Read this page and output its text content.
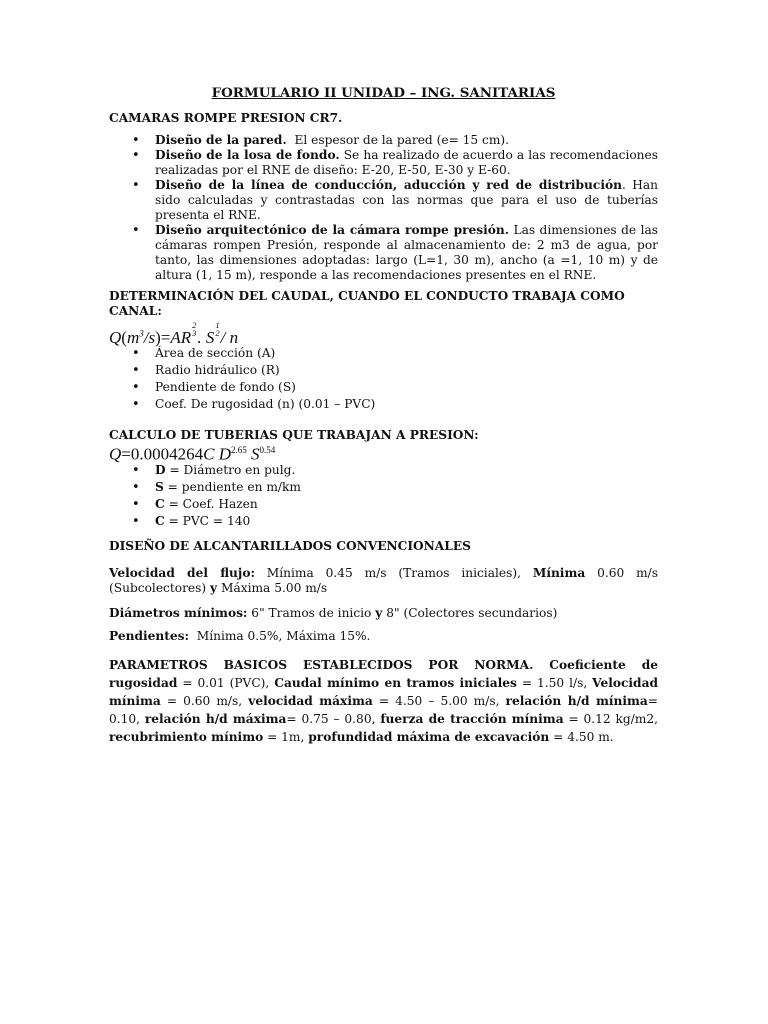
FORMULARIO II UNIDAD – ING. SANITARIAS

CAMARAS ROMPE PRESION CR7.

• Diseño de la pared.  El espesor de la pared (e= 15 cm).
• Diseño de la losa de fondo. Se ha realizado de acuerdo a las recomendaciones realizadas por el RNE de diseño: E-20, E-50, E-30 y E-60.
• Diseño de la línea de conducción, aducción y red de distribución. Han sido calculadas y contrastadas con las normas que para el uso de tuberías presenta el RNE.
• Diseño arquitectónico de la cámara rompe presión. Las dimensiones de las cámaras rompen Presión, responde al almacenamiento de: 2 m3 de agua, por tanto, las dimensiones adoptadas: largo (L=1, 30 m), ancho (a =1, 10 m) y de altura (1, 15 m), responde a las recomendaciones presentes en el RNE.

DETERMINACIÓN DEL CAUDAL, CUANDO EL CONDUCTO TRABAJA COMO CANAL:

$Q(m^3/s)=AR$
2
3 . S
1
2 / n
• Área de sección (A)
• Radio hidráulico (R)
• Pendiente de fondo (S)
• Coef. De rugosidad (n) (0.01 – PVC)

CALCULO DE TUBERIAS QUE TRABAJAN A PRESION:

Q=0.0004264C $D^{2.65}$ $S^{0.54}$
• D = Diámetro en pulg.
• S = pendiente en m/km
• C = Coef. Hazen
• C = PVC = 140

DISEÑO DE ALCANTARILLADOS CONVENCIONALES

Velocidad del flujo: Mínima 0.45 m/s (Tramos iniciales), Mínima 0.60 m/s (Subcolectores) y Máxima 5.00 m/s

Diámetros mínimos: 6" Tramos de inicio y 8" (Colectores secundarios)

Pendientes:  Mínima 0.5%, Máxima 15%.

PARAMETROS BASICOS ESTABLECIDOS POR NORMA. Coeficiente de rugosidad = 0.01 (PVC), Caudal mínimo en tramos iniciales = 1.50 l/s, Velocidad mínima = 0.60 m/s, velocidad máxima = 4.50 – 5.00 m/s, relación h/d mínima= 0.10, relación h/d máxima= 0.75 – 0.80, fuerza de tracción mínima = 0.12 kg/m2, recubrimiento mínimo = 1m, profundidad máxima de excavación = 4.50 m.
